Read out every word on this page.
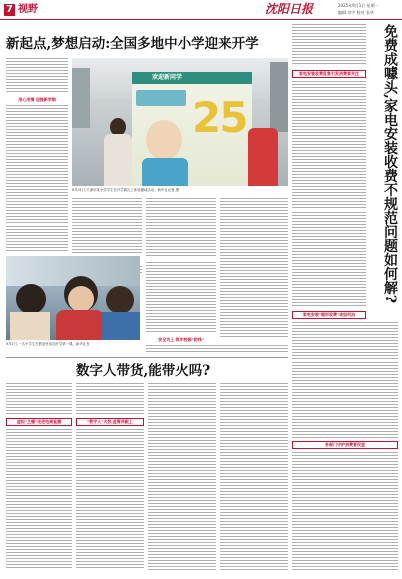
7 视野	沈阳日报	2025年9月1日 星期一
编辑 刘宇 校对 张华
新起点,梦想启动:全国多地中小学迎来开学
用心用情 迎接新学期
欢迎新同学
25
8月31日,天津市某小学学生在开学典礼上体验趣味活动。新华社记者 摄
安全为上 筑牢校园"防线"
9月1日,一名小学生在教室里参加开学第一课。新华社发
免费成噱头,家电安装收费不规范问题如何解?
家电安装收费乱象引发消费者关注
家电安装"隐形收费"该如何治
多部门守护消费者权益
数字人带货,能带火吗?
虚拟"主播"走进电商直播	"数字人"火热,监管须跟上
